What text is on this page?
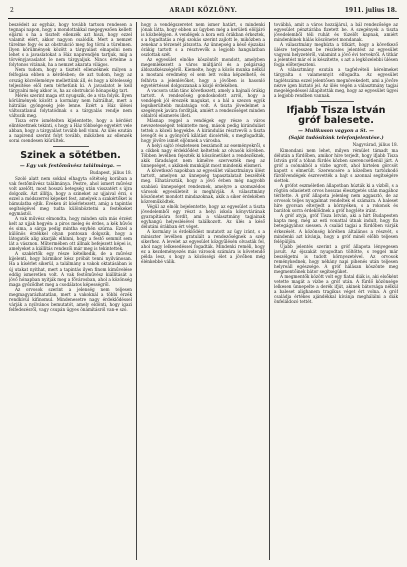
2	ARADI KÖZLÖNY.	1911. julius 18.

beszédeit az egyház, hogy tovább tartson rendesen a tegnapi napon, hogy a mondottakkal megegyezően kellett eljárni s ha a tisztelt ellenzék azt hiszi, hogy ezzel valamit elért, akkor nagyon csalódik. Mert a nemzet türelme fogy és az obstrukció meg fog törni a türelmen. Ilyen körülmények között a tárgyalást elnapolni nem lehet s a javaslatokat a Ház napirendjén tartjuk, míg a törvényjavaslatot le nem tárgyaljuk. Nincs értelme a folytonos vitának, ha a nemzet akarata világos.

Nem tudom, hogy a tisztelt ellenzéknek milyen a felfogása ebben a kérdésben; de azt tudom, hogy az ország közvéleménye mellettünk áll, és hogy a kötelesség teljesítése elől nem térhetünk ki. A javaslatot le kell tárgyalni még akkor is, ha az obstrukció hónapokig tart.

Mérés szerint maga ott nyugszik, de a vita folyik. Ilyen körülmények között a kormány nem hátrálhat, mert a hátrálás gyöngeség jele lenne. Ezért a Ház ülései változatlanul folytatódnak s a tárgyalás rendje nem változik meg.

Tisza erre ismételten kijelentette, hogy a kérdést elintézettnek tekinti, s hogy a Ház többsége egyetért vele abban, hogy a tárgyalást tovább kell vinni. Az ülés ezután a napirend szerint folyt tovább, miközben az ellenzék sorai csendesen kiürültek.

Szinek a sötétben.
— Egy vak festőművész találmánya. —
Budapest, július 18.

Szoló alatt nem sokkal elhagyta sötétség korában a vak festőművész találmánya. Pestre, ahol ismert művész volt azelőtt, most hosszú betegség után visszatért s újra dolgozik. Azt állítja, hogy a szineket az ujjaival érzi, s ezzel a módszerrel képeket fest, amelyek a szakértőket is bámulatba ejtik. Éveken át kísérletezett, amíg a tapintás segítségével meg tudta különböztetni a festékeket egymástól.

A vak művész elmondta, hogy minden szín más érzést kelt az ujjak hegyén: a piros meleg és érdes, a kék hűvös és sima, a sárga pedig mintha enyhén szúrna. Ezzel a különös érzékkel olyan pontosan dolgozik, hogy a látogatók alig akarják elhinni, hogy a festő semmit sem lát a vásznon. Műtermében ott állnak befejezett képei is, amelyeket a kiállítás rendezői már meg is tekintettek.

A szakértők egy része kételkedik, de a művész kijelenti, hogy bármikor kész próbát tenni nyilvánosan. Ha a kísérlet sikerül, a találmány a vakok oktatásában is új utakat nyithat, mert a tapintás ilyen finom kiművelése eddig ismeretlen volt. A vak festőművész kiállítását a jövő hónapban nyitják meg a fővárosban, ahol a közönség maga győződhet meg a csodálatos képességről.

Az orvosok szerint a jelenség nem teljesen megmagyarázhatatlan, mert a vakoknál a többi érzék rendkívül kifinomul. Mindenesetre nagy érdeklődéssel várják a nyilvános bemutatót, amely eldönti, hogy igazi felfedezésről, vagy csupán ügyes önámításról van-e szó.

hogy a vendégszeretet nem ismer határt, s mindenki jónak látta, hogy ebben az ügyben még a kerületi elöljáró is közbelépjen. A vendégek a kora esti órákban érkeztek, s a fogadtatás a régi szokás szerint zajlott le, miközben a zenekar a térzenét játszotta. Az ünnepség a késő éjszakai órákig tartott s a résztvevők a legjobb hangulatban oszlottak szét.

Az egyesület elnöke köszöntőt mondott, amelyben megemlékezett a város múltjáról és a polgárság áldozatkészségéről. Kiemelte, hogy a közös munka nélkül a mostani eredmény el sem lett volna képzelhető, és felhívta a jelenlévőket, hogy a jövőben is hasonló egyetértéssel dolgozzanak a közjó érdekében.

A vacsora után tánc következett, amely a hajnali órákig tartott. A rendezőség gondoskodott arról, hogy a vendégek jól érezzék magukat, s a bál a szezon egyik legsikerültebb mulatsága volt. A tiszta jövedelmet a szegények javára fordítják, amiért a rendezőséget minden oldalról elismerés illeti.

Másnap reggel a vendégek egy része a város nevezetességeit tekintette meg, mások pedig kirándulást tettek a közeli hegyekbe. A kirándulás résztvevői a tiszta levegőt és a gyönyörű kilátást dicsérték, s megfogadták, hogy jövőre ismét eljönnek a városba.

A helyi sajtó részletesen beszámolt az eseményekről, s a cikkek nagy érdeklődést keltettek az olvasók körében. Többen levélben fejezték ki köszönetüket a rendezőknek, akik fáradságot nem kímélve szervezték meg az ünnepséget, s akiknek munkáját most mindenki elismeri.

A következő napokban az egyesület választmánya ülést tartott, amelyen az ünnepség tapasztalatait beszélték meg. Elhatározták, hogy a jövő évben még nagyobb szabású ünnepséget rendeznek, amelyre a szomszédos városok egyesületeit is meghívják. A választmány köszönetet mondott mindazoknak, akik a siker érdekében közreműködtek.

Végül az elnök bejelentette, hogy az egyesület a tiszta jövedelemből egy részt a helyi iskola könyvtárának gyarapítására fordít, ami a választmány tagjainak egyhangú helyeslésével találkozott. Az ülés a késő délutáni órákban ért véget.

A kormány is érdeklődést mutatott az ügy iránt, s a miniszter levélben gratulált a rendezőségnek a szép sikerhez. A levelet az egyesület közgyűlésén olvasták fel, ahol nagy lelkesedéssel fogadták. Mindenki reméli, hogy ez a kezdeményezés más városok számára is követendő példa lesz, s hogy a közösségi élet a jövőben még élénkebbé válik.

továbbá, amit a város hozzájárul, a bál rendezősége az egyesület pénztárába fizetett be. A szegények a tiszta jövedelemből téli ruhát és tüzelőt kapnak, amiért mindenkinek hálás köszönetet mondanak.

A választmány megbízta a titkárt, hogy a következő ülésre terjesszen be részletes jelentést az egyesület vagyoni helyzetéről, valamint a jövő évi tervekről. A titkár a jelentést már el is készítette, s azt a legközelebbi ülésen fogja előterjeszteni.

A választmány ezután a tagfelvételi kérelmeket tárgyalta s valamennyit elfogadta. Az egyesület taglétszáma ezzel jelentősen megnövekedett, ami a jövőre nézve igen biztató jel. Az ülés végén a választmány tagjai megelégedéssel állapították meg, hogy az egyesület ügyei a legjobb rendben vannak.

Ifjabb Tisza István gróf balesete.
— Mulikuson vagyon a St. —
(Saját tudósítónk telefonjelentése.)
Nagyvárad, július 18.

Kimondani nem lehet, milyen rémület támadt ma délután a fürdőben, amikor híre terjedt, hogy ifjabb Tisza István gróf a tóban fürdés közben szerencsétlenül járt. A gróf a csónakból a vízbe ugrott, ahol hirtelen görcsöt kapott s elmerült. Szerencsére a közelben tartózkodó fürdővendégek észrevették a bajt s azonnal segítségére siettek.

A grófot eszméletlen állapotban húzták ki a vízből, s a rögtön odasietett orvos hosszas élesztgetés után magához térítette. A gróf állapota jelenleg nem aggasztó, de az orvosok teljes nyugalmat rendeltek el számára. A baleset híre gyorsan elterjedt a környéken, s a rokonok és barátok sorra érdeklődnek a gróf hogyléte iránt.

A gróf atyja, gróf Tisza István, aki a hírt Budapesten kapta meg, még az esti vonattal útnak indult, hogy fia betegágyához siessen. A család tagjai a fürdőben várják érkezését. A közönség körében általános a részvét, s mindenki azt kívánja, hogy a gróf minél előbb teljesen felépüljön.

Ujabb jelentés szerint a gróf állapota lényegesen javult. Az éjszakát nyugodtan töltötte, s reggel már beszélgetni is tudott környezetével. Az orvosok reménykednek, hogy néhány napi pihenés után teljesen helyreáll egészsége. A gróf hálásan köszönte meg megmentőinek bátor segítségüket.

A megmentők között volt egy fiatal diák is, aki elsőként vetette magát a vízbe a gróf után. A fürdő közönsége lelkesen ünnepelte a derék ifjút, akinek bátorsága nélkül a baleset alighanem tragikus véget ért volna. A gróf családja értékes ajándékkal kívánja meghálálni a diák önfeláldozó tettét.
